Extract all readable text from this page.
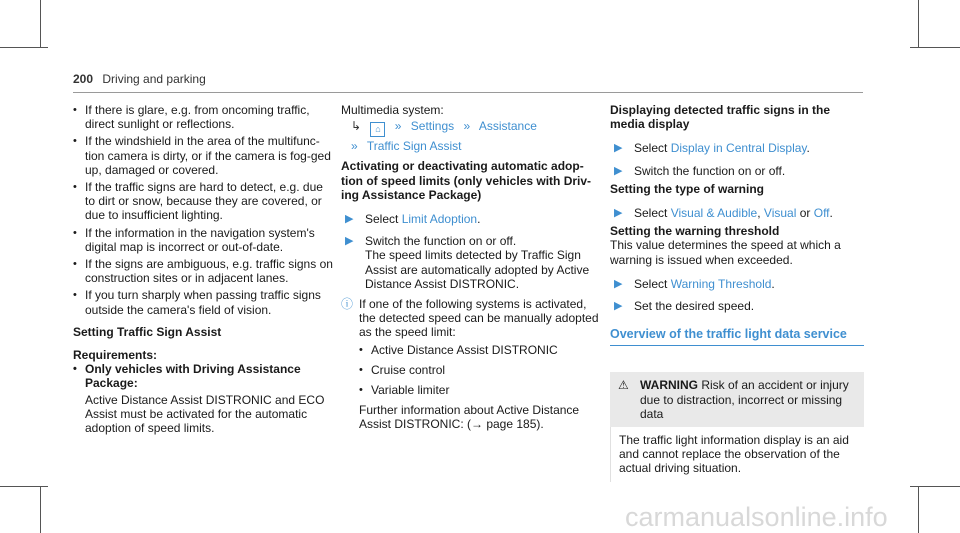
200 Driving and parking
• If there is glare, e.g. from oncoming traffic, direct sunlight or reflections.
• If the windshield in the area of the multifunc-tion camera is dirty, or if the camera is fog-ged up, damaged or covered.
• If the traffic signs are hard to detect, e.g. due to dirt or snow, because they are covered, or due to insufficient lighting.
• If the information in the navigation system's digital map is incorrect or out-of-date.
• If the signs are ambiguous, e.g. traffic signs on construction sites or in adjacent lanes.
• If you turn sharply when passing traffic signs outside the camera's field of vision.
Setting Traffic Sign Assist
Requirements:
• Only vehicles with Driving Assistance Package:
Active Distance Assist DISTRONIC and ECO Assist must be activated for the automatic adoption of speed limits.
Multimedia system:
↳ ⌂ » Settings » Assistance
» Traffic Sign Assist
Activating or deactivating automatic adop-tion of speed limits (only vehicles with Driv-ing Assistance Package)
▶ Select Limit Adoption.
▶ Switch the function on or off.
The speed limits detected by Traffic Sign Assist are automatically adopted by Active Distance Assist DISTRONIC.
ⓘ If one of the following systems is activated, the detected speed can be manually adopted as the speed limit:
• Active Distance Assist DISTRONIC
• Cruise control
• Variable limiter
Further information about Active Distance Assist DISTRONIC: (→ page 185).
Displaying detected traffic signs in the media display
▶ Select Display in Central Display.
▶ Switch the function on or off.
Setting the type of warning
▶ Select Visual & Audible, Visual or Off.
Setting the warning threshold
This value determines the speed at which a warning is issued when exceeded.
▶ Select Warning Threshold.
▶ Set the desired speed.
Overview of the traffic light data service
⚠ WARNING Risk of an accident or injury due to distraction, incorrect or missing data
The traffic light information display is an aid and cannot replace the observation of the actual driving situation.
carmanualsonline.info
